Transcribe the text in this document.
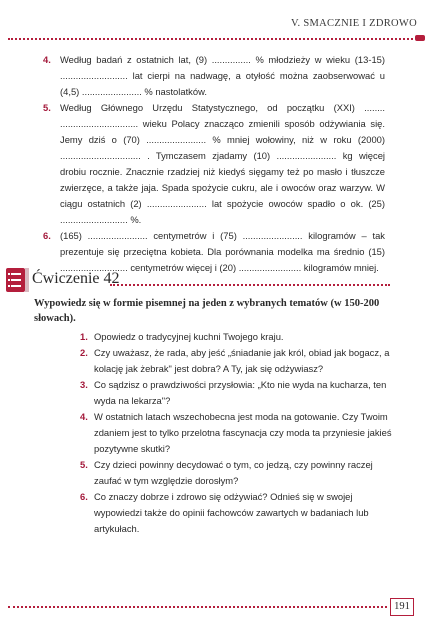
V. SMACZNIE I ZDROWO
4. Według badań z ostatnich lat, (9) ............... % młodzieży w wieku (13-15) .......................... lat cierpi na nadwagę, a otyłość można zaobserwować u (4,5) ....................... % nastolatków.
5. Według Głównego Urzędu Statystycznego, od początku (XXI) ........ .............................. wieku Polacy znacząco zmienili sposób odżywiania się. Jemy dziś o (70) ....................... % mniej wołowiny, niż w roku (2000) ............................... . Tymczasem zjadamy (10) ....................... kg więcej drobiu rocznie. Znacznie rzadziej niż kiedyś sięgamy też po masło i tłuszcze zwierzęce, a także jaja. Spada spożycie cukru, ale i owoców oraz warzyw. W ciągu ostatnich (2) ....................... lat spożycie owoców spadło o ok. (25) .......................... %.
6. (165) ....................... centymetrów i (75) ....................... kilogramów – tak prezentuje się przeciętna kobieta. Dla porównania modelka ma średnio (15) .......................... centymetrów więcej i (20) ........................ kilogramów mniej.
Ćwiczenie 42
Wypowiedz się w formie pisemnej na jeden z wybranych tematów (w 150-200 słowach).
1. Opowiedz o tradycyjnej kuchni Twojego kraju.
2. Czy uważasz, że rada, aby jeść „śniadanie jak król, obiad jak bogacz, a kolację jak żebrak" jest dobra? A Ty, jak się odżywiasz?
3. Co sądzisz o prawdziwości przysłowia: „Kto nie wyda na kucharza, ten wyda na lekarza"?
4. W ostatnich latach wszechobecna jest moda na gotowanie. Czy Twoim zdaniem jest to tylko przelotna fascynacja czy moda ta przyniesie jakieś pozytywne skutki?
5. Czy dzieci powinny decydować o tym, co jedzą, czy powinny raczej zaufać w tym względzie dorosłym?
6. Co znaczy dobrze i zdrowo się odżywiać? Odnieś się w swojej wypowiedzi także do opinii fachowców zawartych w badaniach lub artykułach.
191
